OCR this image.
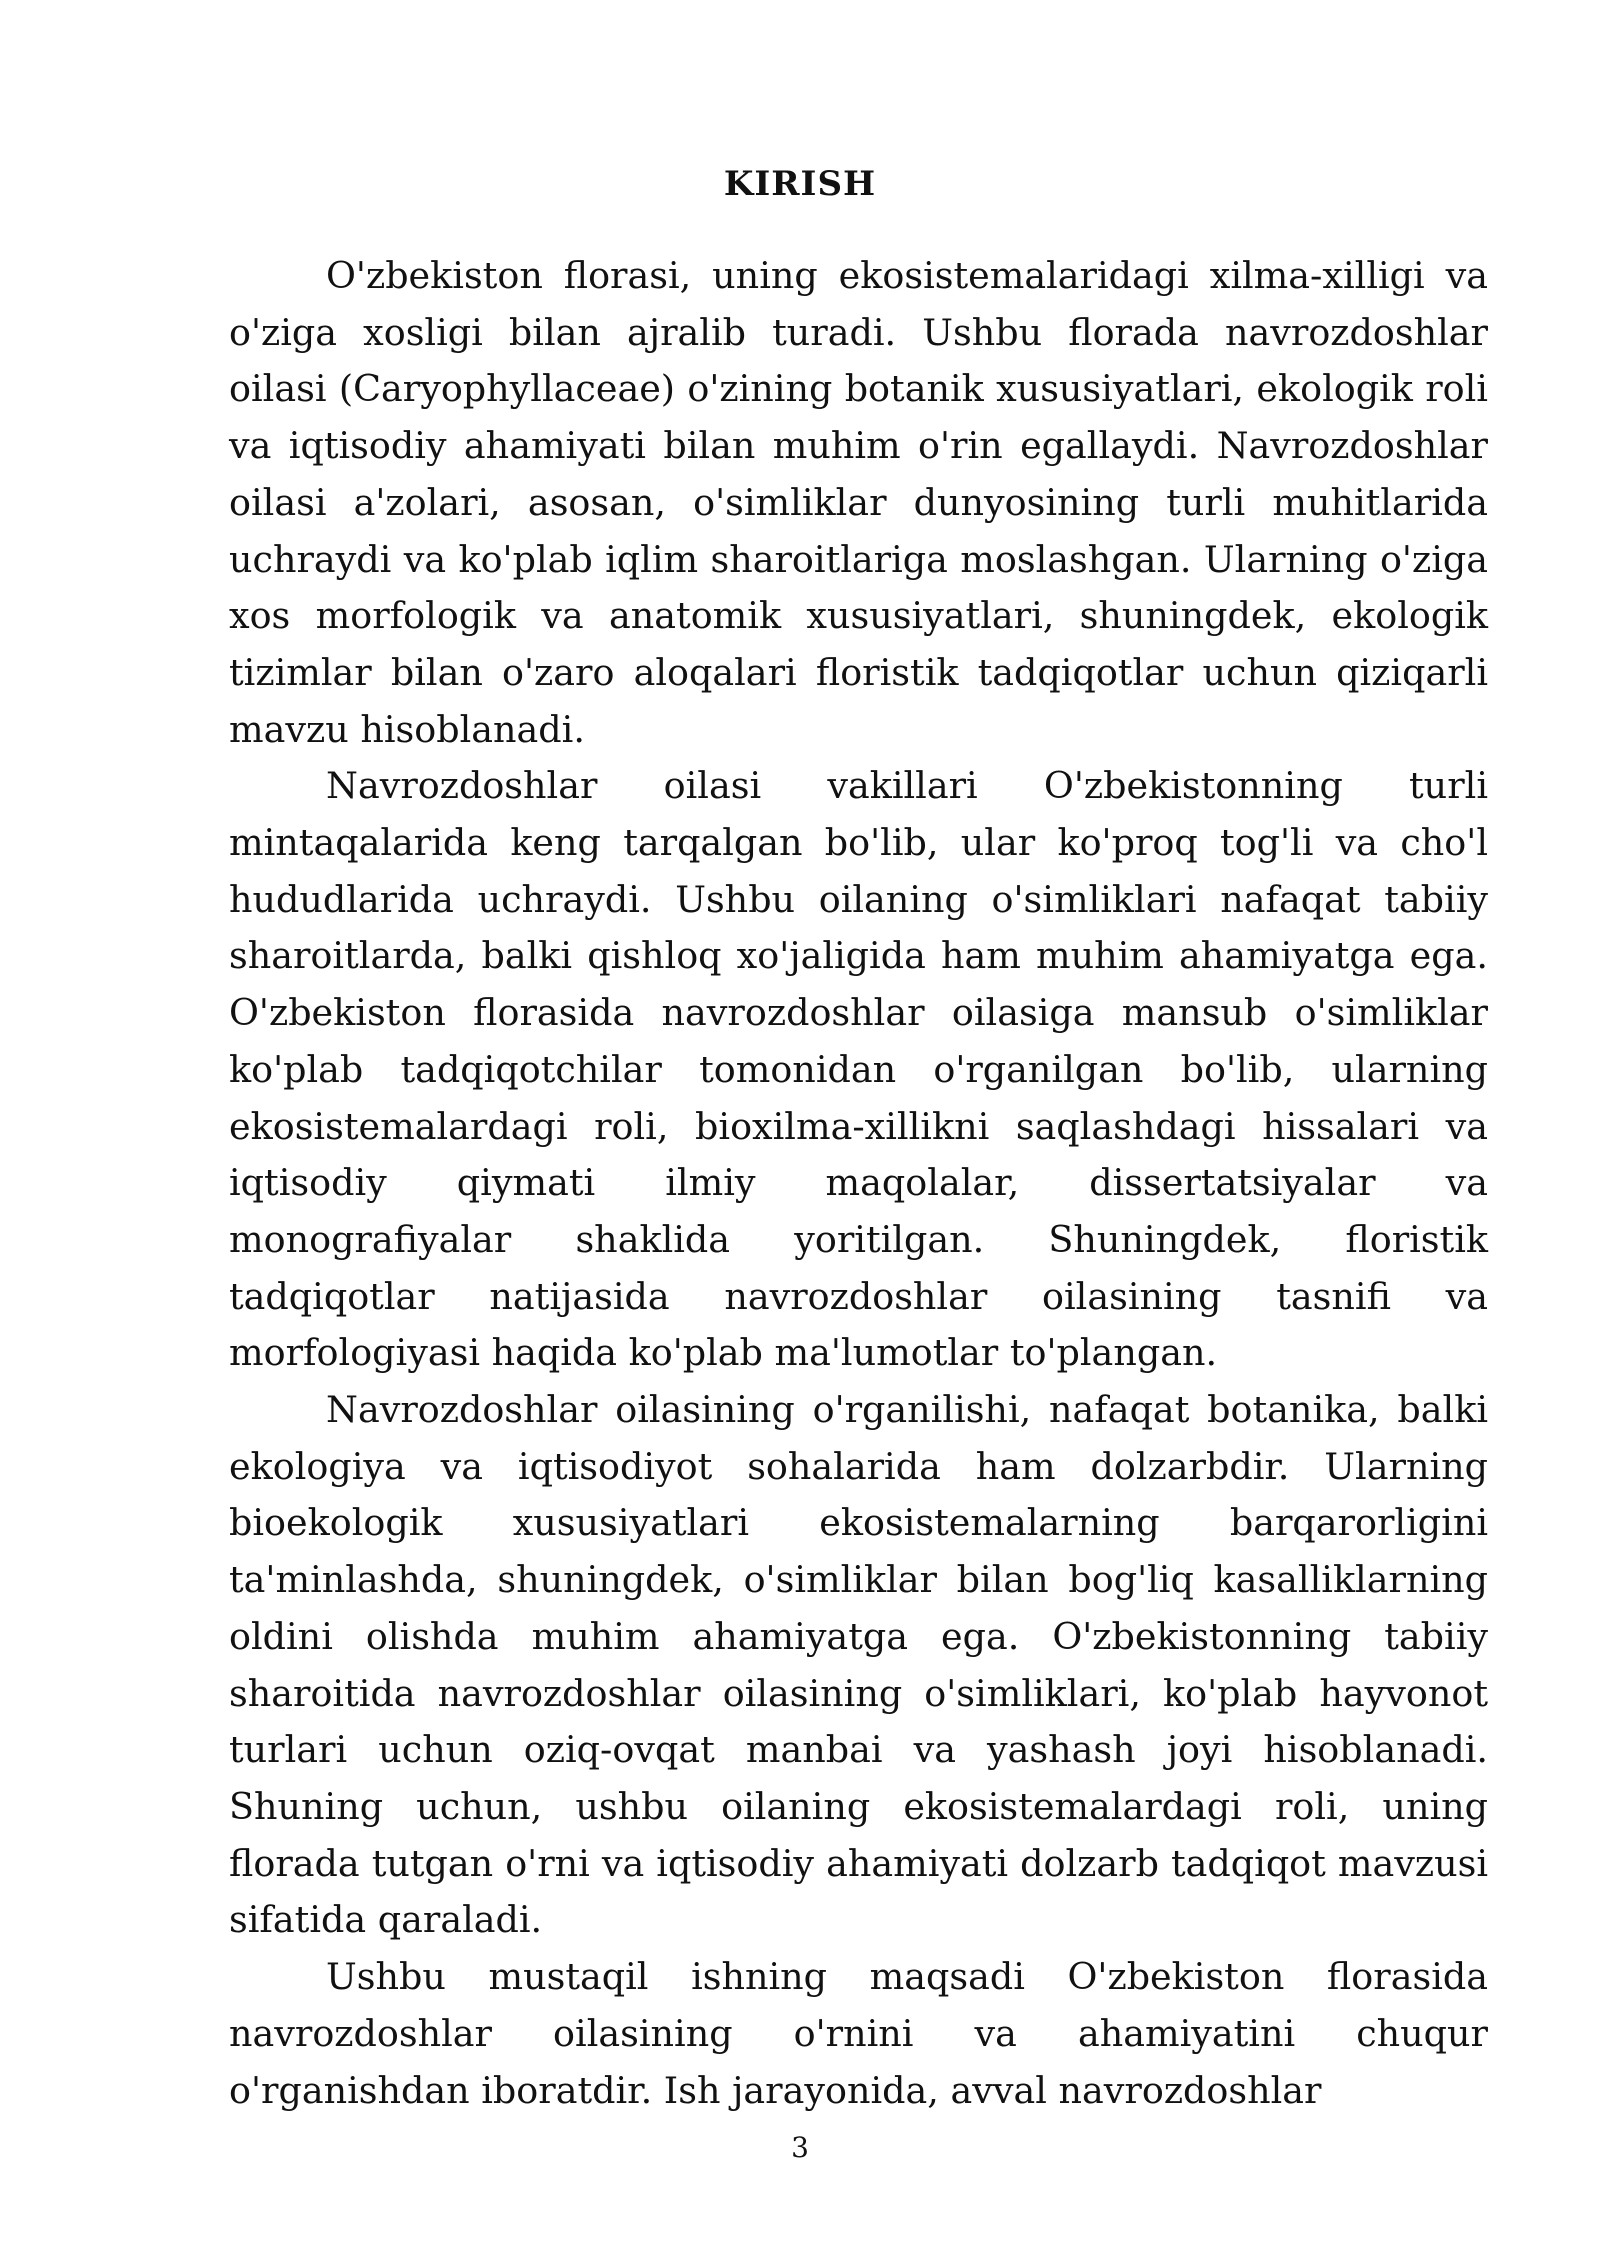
KIRISH

O'zbekiston florasi, uning ekosistemalaridagi xilma-xilligi va o'ziga xosligi bilan ajralib turadi. Ushbu florada navrozdoshlar oilasi (Caryophyllaceae) o'zining botanik xususiyatlari, ekologik roli va iqtisodiy ahamiyati bilan muhim o'rin egallaydi. Navrozdoshlar oilasi a'zolari, asosan, o'simliklar dunyosining turli muhitlarida uchraydi va ko'plab iqlim sharoitlariga moslashgan. Ularning o'ziga xos morfologik va anatomik xususiyatlari, shuningdek, ekologik tizimlar bilan o'zaro aloqalari floristik tadqiqotlar uchun qiziqarli mavzu hisoblanadi.

Navrozdoshlar oilasi vakillari O'zbekistonning turli mintaqalarida keng tarqalgan bo'lib, ular ko'proq tog'li va cho'l hududlarida uchraydi. Ushbu oilaning o'simliklari nafaqat tabiiy sharoitlarda, balki qishloq xo'jaligida ham muhim ahamiyatga ega. O'zbekiston florasida navrozdoshlar oilasiga mansub o'simliklar ko'plab tadqiqotchilar tomonidan o'rganilgan bo'lib, ularning ekosistemalardagi roli, bioxilma-xillikni saqlashdagi hissalari va iqtisodiy qiymati ilmiy maqolalar, dissertatsiyalar va monografiyalar shaklida yoritilgan. Shuningdek, floristik tadqiqotlar natijasida navrozdoshlar oilasining tasnifi va morfologiyasi haqida ko'plab ma'lumotlar to'plangan.

Navrozdoshlar oilasining o'rganilishi, nafaqat botanika, balki ekologiya va iqtisodiyot sohalarida ham dolzarbdir. Ularning bioekologik xususiyatlari ekosistemalarning barqarorligini ta'minlashda, shuningdek, o'simliklar bilan bog'liq kasalliklarning oldini olishda muhim ahamiyatga ega. O'zbekistonning tabiiy sharoitida navrozdoshlar oilasining o'simliklari, ko'plab hayvonot turlari uchun oziq-ovqat manbai va yashash joyi hisoblanadi. Shuning uchun, ushbu oilaning ekosistemalardagi roli, uning florada tutgan o'rni va iqtisodiy ahamiyati dolzarb tadqiqot mavzusi sifatida qaraladi.

Ushbu mustaqil ishning maqsadi O'zbekiston florasida navrozdoshlar oilasining o'rnini va ahamiyatini chuqur o'rganishdan iboratdir. Ish jarayonida, avval navrozdoshlar

3
